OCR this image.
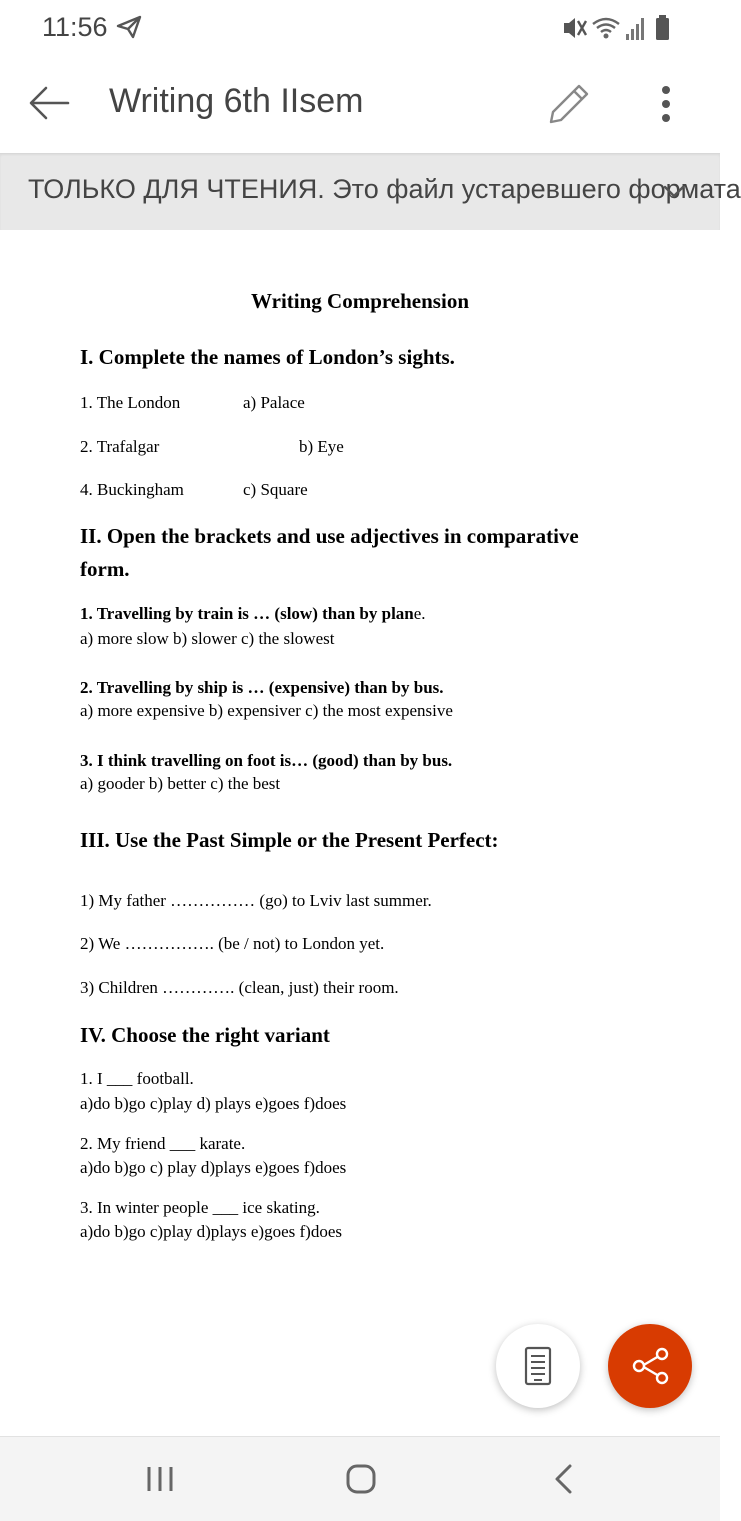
11:56
Writing 6th IIsem
ТОЛЬКО ДЛЯ ЧТЕНИЯ. Это файл устаревшего формата
Writing Comprehension
I. Complete the names of London’s sights.
1. The London	a) Palace
2. Trafalgar	b) Eye
4. Buckingham	c) Square
II. Open the brackets and use adjectives in comparative
form.
1. Travelling by train is … (slow) than by plane.
a) more slow b) slower c) the slowest
2. Travelling by ship is … (expensive) than by bus.
a) more expensive b) expensiver c) the most expensive
3. I think travelling on foot is… (good) than by bus.
a) gooder b) better c) the best
III. Use the Past Simple or the Present Perfect:
1) My father …………… (go) to Lviv last summer.
2) We ……………. (be / not) to London yet.
3) Children …………. (clean, just) their room.
IV. Choose the right variant
1. I ___ football.
a)do b)go c)play d) plays e)goes f)does
2. My friend ___ karate.
a)do b)go c) play d)plays e)goes f)does
3. In winter people ___ ice skating.
a)do b)go c)play d)plays e)goes f)does
